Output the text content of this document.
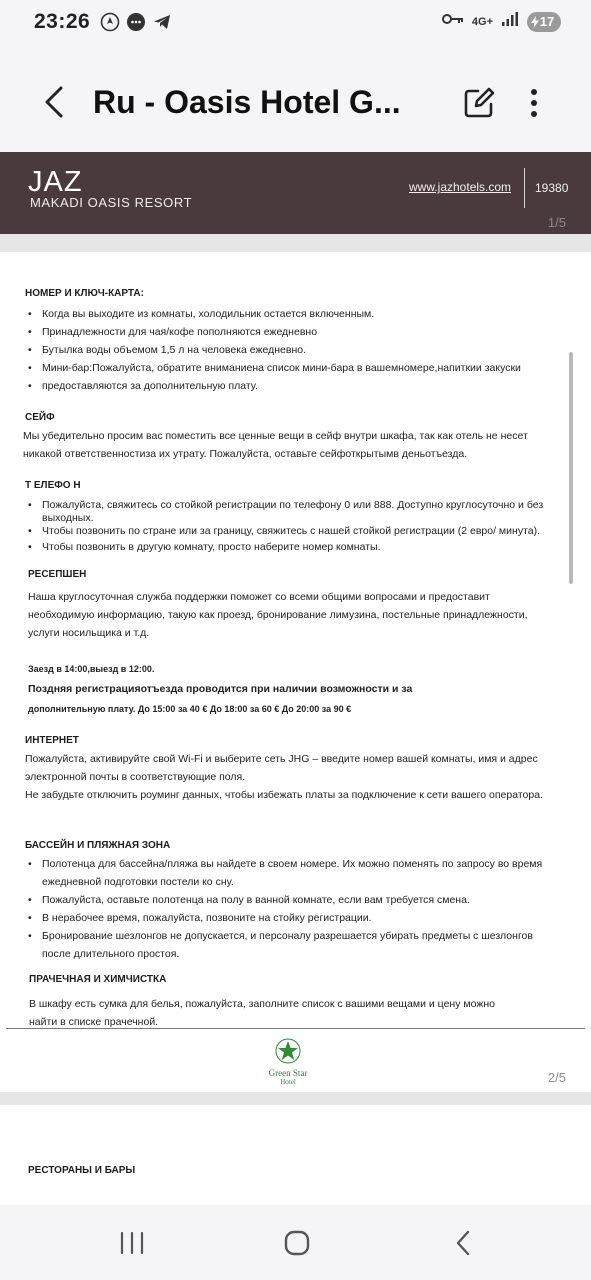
23:26	4G+	17
Ru - Oasis Hotel G...
JAZ
MAKADI OASIS RESORT
www.jazhotels.com 19380
1/5
НОМЕР И КЛЮЧ-КАРТА:
• Когда вы выходите из комнаты, холодильник остается включенным.
• Принадлежности для чая/кофе пополняются ежедневно
• Бутылка воды объемом 1,5 л на человека ежедневно.
• Мини-бар:Пожалуйста, обратите вниманиена список мини-бара в вашемномере,напиткии закуски
• предоставляются за дополнительную плату.
СЕЙФ
Мы убедительно просим вас поместить все ценные вещи в сейф внутри шкафа, так как отель не несет никакой ответственностиза их утрату. Пожалуйста, оставьте сейфоткрытымв деньотъезда.
Т ЕЛЕФО Н
• Пожалуйста, свяжитесь со стойкой регистрации по телефону 0 или 888. Доступно круглосуточно и без выходных.
• Чтобы позвонить по стране или за границу, свяжитесь с нашей стойкой регистрации (2 евро/ минута).
• Чтобы позвонить в другую комнату, просто наберите номер комнаты.
РЕСЕПШЕН
Наша круглосуточная служба поддержки поможет со всеми общими вопросами и предоставит необходимую информацию, такую как проезд, бронирование лимузина, постельные принадлежности, услуги носильщика и т.д.
Заезд в 14:00,выезд в 12:00.
Поздняя регистрацияотъезда проводится при наличии возможности и за
дополнительную плату. До 15:00 за 40 € До 18:00 за 60 € До 20:00 за 90 €
ИНТЕРНЕТ
Пожалуйста, активируйте свой Wi-Fi и выберите сеть JHG – введите номер вашей комнаты, имя и адрес электронной почты в соответствующие поля.
Не забудьте отключить роуминг данных, чтобы избежать платы за подключение к сети вашего оператора.
БАССЕЙН И ПЛЯЖНАЯ ЗОНА
• Полотенца для бассейна/пляжа вы найдете в своем номере. Их можно поменять по запросу во время ежедневной подготовки постели ко сну.
• Пожалуйста, оставьте полотенца на полу в ванной комнате, если вам требуется смена.
• В нерабочее время, пожалуйста, позвоните на стойку регистрации.
• Бронирование шезлонгов не допускается, и персоналу разрешается убирать предметы с шезлонгов после длительного простоя.
ПРАЧЕЧНАЯ И ХИМЧИСТКА
В шкафу есть сумка для белья, пожалуйста, заполните список с вашими вещами и цену можно найти в списке прачечной.
Green Star
Hotel	2/5
РЕСТОРАНЫ И БАРЫ
